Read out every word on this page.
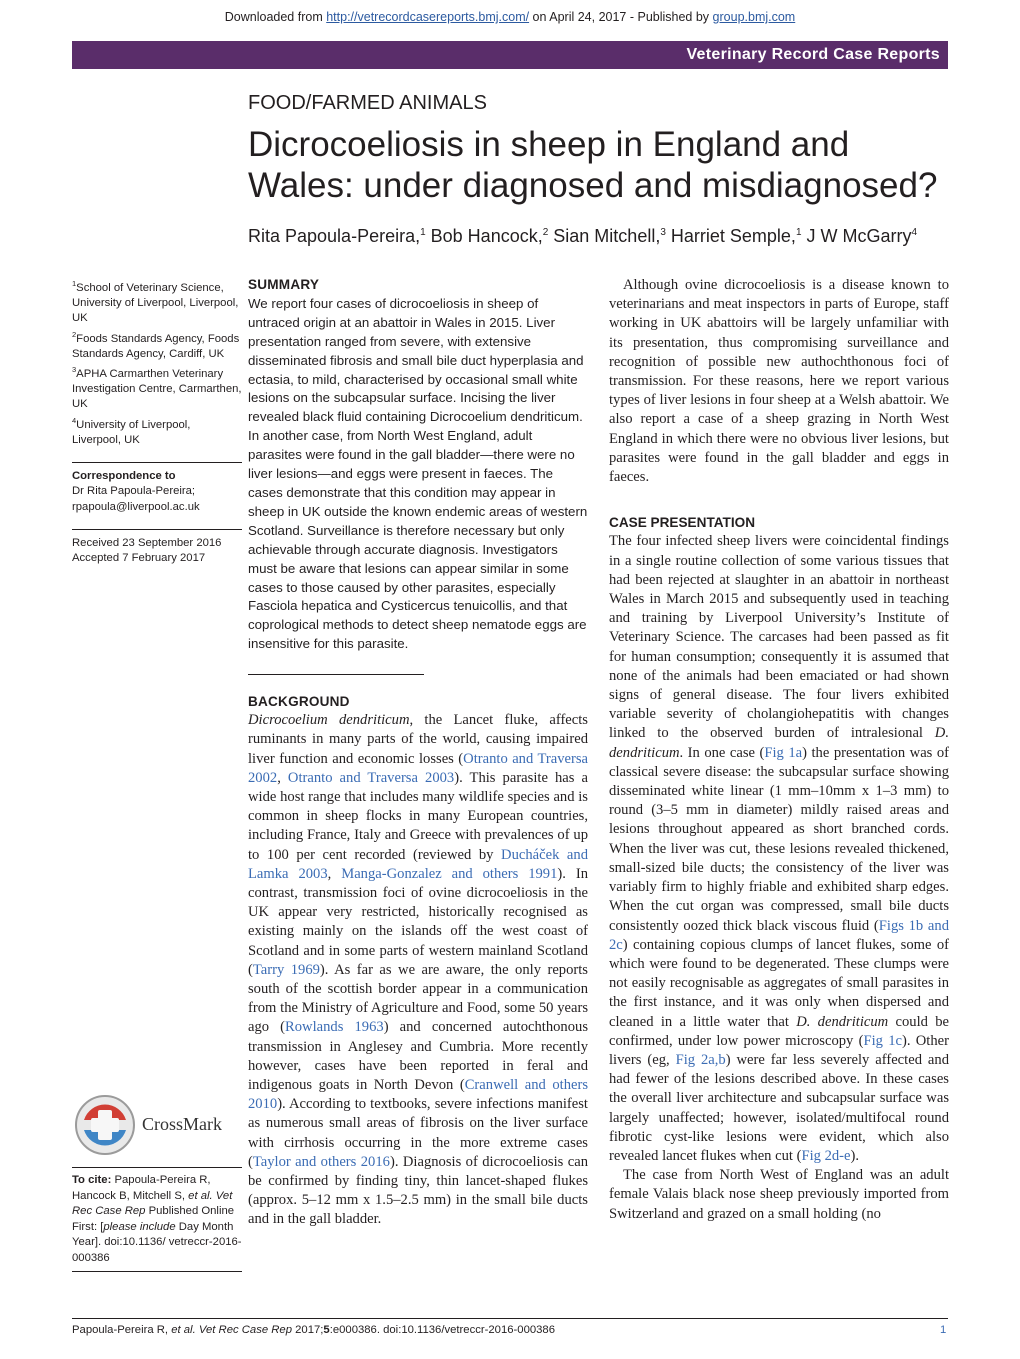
Downloaded from http://vetrecordcasereports.bmj.com/ on April 24, 2017 - Published by group.bmj.com
Veterinary Record Case Reports
FOOD/FARMED ANIMALS
Dicrocoeliosis in sheep in England and Wales: under diagnosed and misdiagnosed?
Rita Papoula-Pereira,$^1$ Bob Hancock,$^2$ Sian Mitchell,$^3$ Harriet Semple,$^1$ J W McGarry$^4$
$^1$School of Veterinary Science, University of Liverpool, Liverpool, UK
$^2$Foods Standards Agency, Foods Standards Agency, Cardiff, UK
$^3$APHA Carmarthen Veterinary Investigation Centre, Carmarthen, UK
$^4$University of Liverpool, Liverpool, UK
Correspondence to
Dr Rita Papoula-Pereira;
rpapoula@liverpool.ac.uk
Received 23 September 2016
Accepted 7 February 2017
SUMMARY
We report four cases of dicrocoeliosis in sheep of untraced origin at an abattoir in Wales in 2015. Liver presentation ranged from severe, with extensive disseminated fibrosis and small bile duct hyperplasia and ectasia, to mild, characterised by occasional small white lesions on the subcapsular surface. Incising the liver revealed black fluid containing Dicrocoelium dendriticum. In another case, from North West England, adult parasites were found in the gall bladder—there were no liver lesions—and eggs were present in faeces. The cases demonstrate that this condition may appear in sheep in UK outside the known endemic areas of western Scotland. Surveillance is therefore necessary but only achievable through accurate diagnosis. Investigators must be aware that lesions can appear similar in some cases to those caused by other parasites, especially Fasciola hepatica and Cysticercus tenuicollis, and that coprological methods to detect sheep nematode eggs are insensitive for this parasite.
BACKGROUND

Dicrocoelium dendriticum, the Lancet fluke, affects ruminants in many parts of the world, causing impaired liver function and economic losses (Otranto and Traversa 2002, Otranto and Traversa 2003). This parasite has a wide host range that includes many wildlife species and is common in sheep flocks in many European countries, including France, Italy and Greece with prevalences of up to 100 per cent recorded (reviewed by Ducháček and Lamka 2003, Manga-Gonzalez and others 1991). In contrast, transmission foci of ovine dicrocoeliosis in the UK appear very restricted, historically recognised as existing mainly on the islands off the west coast of Scotland and in some parts of western mainland Scotland (Tarry 1969). As far as we are aware, the only reports south of the scottish border appear in a communication from the Ministry of Agriculture and Food, some 50 years ago (Rowlands 1963) and concerned autochthonous transmission in Anglesey and Cumbria. More recently however, cases have been reported in feral and indigenous goats in North Devon (Cranwell and others 2010). According to textbooks, severe infections manifest as numerous small areas of fibrosis on the liver surface with cirrhosis occurring in the more extreme cases (Taylor and others 2016). Diagnosis of dicrocoeliosis can be confirmed by finding tiny, thin lancet-shaped flukes (approx. 5–12 mm x 1.5–2.5 mm) in the small bile ducts and in the gall bladder.

Although ovine dicrocoeliosis is a disease known to veterinarians and meat inspectors in parts of Europe, staff working in UK abattoirs will be largely unfamiliar with its presentation, thus compromising surveillance and recognition of possible new authochthonous foci of transmission. For these reasons, here we report various types of liver lesions in four sheep at a Welsh abattoir. We also report a case of a sheep grazing in North West England in which there were no obvious liver lesions, but parasites were found in the gall bladder and eggs in faeces.

CASE PRESENTATION

The four infected sheep livers were coincidental findings in a single routine collection of some various tissues that had been rejected at slaughter in an abattoir in northeast Wales in March 2015 and subsequently used in teaching and training by Liverpool University’s Institute of Veterinary Science. The carcases had been passed as fit for human consumption; consequently it is assumed that none of the animals had been emaciated or had shown signs of general disease. The four livers exhibited variable severity of cholangiohepatitis with changes linked to the observed burden of intralesional D. dendriticum. In one case (Fig 1a) the presentation was of classical severe disease: the subcapsular surface showing disseminated white linear (1 mm–10mm x 1–3 mm) to round (3–5 mm in diameter) mildly raised areas and lesions throughout appeared as short branched cords. When the liver was cut, these lesions revealed thickened, small-sized bile ducts; the consistency of the liver was variably firm to highly friable and exhibited sharp edges. When the cut organ was compressed, small bile ducts consistently oozed thick black viscous fluid (Figs 1b and 2c) containing copious clumps of lancet flukes, some of which were found to be degenerated. These clumps were not easily recognisable as aggregates of small parasites in the first instance, and it was only when dispersed and cleaned in a little water that D. dendriticum could be confirmed, under low power microscopy (Fig 1c). Other livers (eg, Fig 2a,b) were far less severely affected and had fewer of the lesions described above. In these cases the overall liver architecture and subcapsular surface was largely unaffected; however, isolated/multifocal round fibrotic cyst-like lesions were evident, which also revealed lancet flukes when cut (Fig 2d-e).

The case from North West of England was an adult female Valais black nose sheep previously imported from Switzerland and grazed on a small holding (no

CrossMark
To cite: Papoula-Pereira R, Hancock B, Mitchell S, et al. Vet Rec Case Rep Published Online First: [please include Day Month Year]. doi:10.1136/ vetreccr-2016-000386
Papoula-Pereira R, et al. Vet Rec Case Rep 2017;5:e000386. doi:10.1136/vetreccr-2016-000386	1
